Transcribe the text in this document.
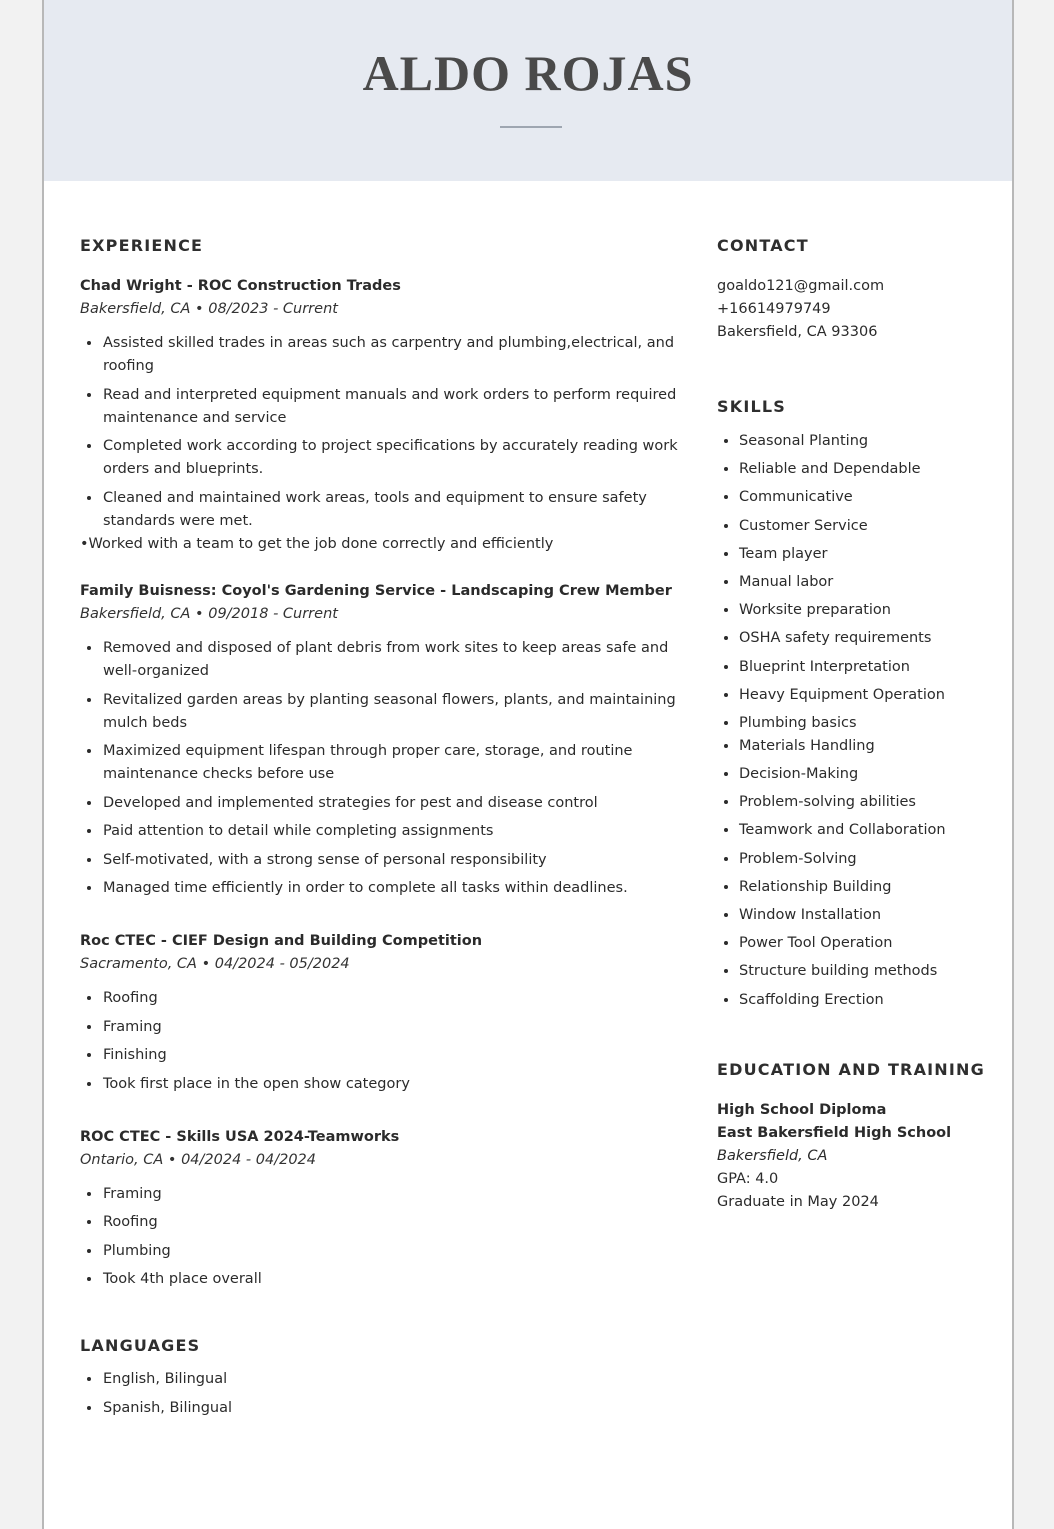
ALDO ROJAS
EXPERIENCE
Chad Wright - ROC Construction Trades
Bakersfield, CA • 08/2023 - Current
• Assisted skilled trades in areas such as carpentry and plumbing,electrical, and roofing
• Read and interpreted equipment manuals and work orders to perform required maintenance and service
• Completed work according to project specifications by accurately reading work orders and blueprints.
• Cleaned and maintained work areas, tools and equipment to ensure safety standards were met.
•Worked with a team to get the job done correctly and efficiently
Family Buisness: Coyol's Gardening Service - Landscaping Crew Member
Bakersfield, CA • 09/2018 - Current
• Removed and disposed of plant debris from work sites to keep areas safe and well-organized
• Revitalized garden areas by planting seasonal flowers, plants, and maintaining mulch beds
• Maximized equipment lifespan through proper care, storage, and routine maintenance checks before use
• Developed and implemented strategies for pest and disease control
• Paid attention to detail while completing assignments
• Self-motivated, with a strong sense of personal responsibility
• Managed time efficiently in order to complete all tasks within deadlines.
Roc CTEC - CIEF Design and Building Competition
Sacramento, CA • 04/2024 - 05/2024
• Roofing
• Framing
• Finishing
• Took first place in the open show category
ROC CTEC - Skills USA 2024-Teamworks
Ontario, CA • 04/2024 - 04/2024
• Framing
• Roofing
• Plumbing
• Took 4th place overall
LANGUAGES
• English, Bilingual
• Spanish, Bilingual
CONTACT
goaldo121@gmail.com
+16614979749
Bakersfield, CA 93306
SKILLS
• Seasonal Planting
• Reliable and Dependable
• Communicative
• Customer Service
• Team player
• Manual labor
• Worksite preparation
• OSHA safety requirements
• Blueprint Interpretation
• Heavy Equipment Operation
• Plumbing basics
• Materials Handling
• Decision-Making
• Problem-solving abilities
• Teamwork and Collaboration
• Problem-Solving
• Relationship Building
• Window Installation
• Power Tool Operation
• Structure building methods
• Scaffolding Erection
EDUCATION AND TRAINING
High School Diploma
East Bakersfield High School
Bakersfield, CA
GPA: 4.0
Graduate in May 2024
